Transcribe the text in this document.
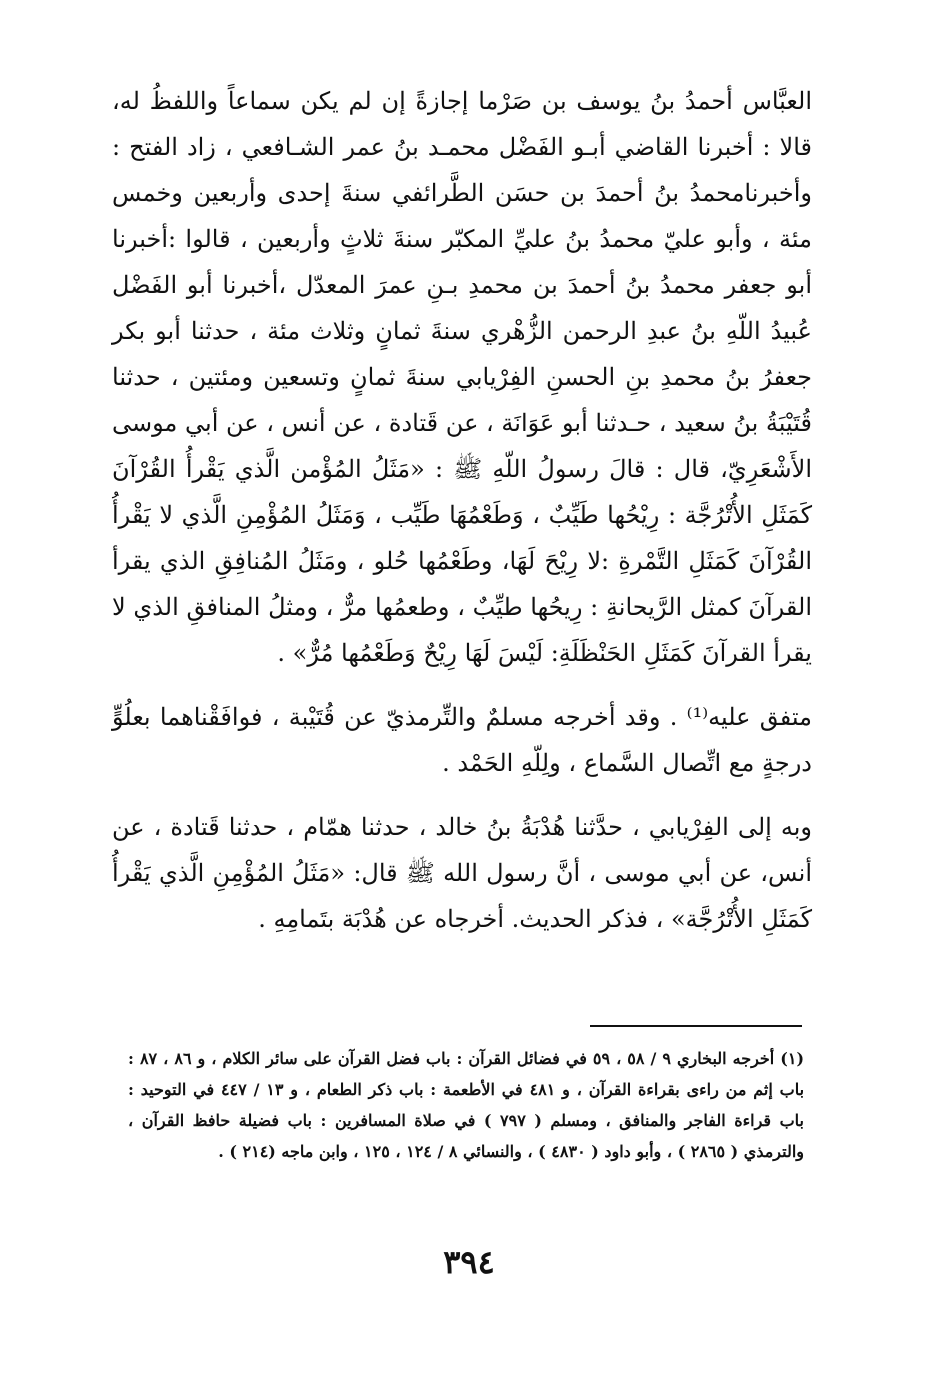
العبَّاس أحمدُ بنُ يوسف بن صَرْما إجازةً إن لم يكن سماعاً واللفظُ له، قالا : أخبرنا القاضي أبـو الفَضْل محمـد بنُ عمر الشـافعي ، زاد الفتح : وأخبرنامحمدُ بنُ أحمدَ بن حسَن الطَّرائفي سنةَ إحدى وأربعين وخمس مئة ، وأبو عليّ محمدُ بنُ عليِّ المكبّر سنةَ ثلاثٍ وأربعين ، قالوا :أخبرنا أبو جعفر محمدُ بنُ أحمدَ بن محمدِ بـنِ عمرَ المعدّل ،أخبرنا أبو الفَضْل عُبيدُ اللّهِ بنُ عبدِ الرحمن الزُّهْري سنةَ ثمانٍ وثلاث مئة ، حدثنا أبو بكر جعفرُ بنُ محمدِ بنِ الحسنِ الفِرْيابي سنةَ ثمانٍ وتسعين ومئتين ، حدثنا قُتَيْبَةُ بنُ سعيد ، حـدثنا أبو عَوَانَة ، عن قَتادة ، عن أنس ، عن أبي موسى الأَشْعَرِيّ، قال : قالَ رسولُ اللّهِ ﷺ : «مَثَلُ المُؤْمن الَّذي يَقْرأُ القُرْآنَ كَمَثَلِ الأُتْرُجَّة : رِيْحُها طَيِّبٌ ، وَطَعْمُهَا طَيِّب ، وَمَثَلُ المُؤْمِنِ الَّذي لا يَقْرأُ القُرْآنَ كَمَثَلِ التَّمْرةِ :لا رِيْحَ لَهَا، وطَعْمُها حُلو ، ومَثَلُ المُنافِقِ الذي يقرأ القرآنَ كمثل الرَّيحانةِ : رِيحُها طيِّبٌ ، وطعمُها مرٌّ ، ومثلُ المنافقِ الذي لا يقرأ القرآنَ كَمَثَلِ الحَنْظَلَةِ: لَيْسَ لَهَا رِيْحٌ وَطَعْمُها مُرٌّ» .

متفق عليه⁽¹⁾ . وقد أخرجه مسلمٌ والتِّرمذيّ عن قُتَيْبة ، فوافَقْناهما بعلُوٍّ درجةٍ مع اتِّصال السَّماع ، ولِلّهِ الحَمْد .

وبه إلى الفِرْيابي ، حدَّثنا هُدْبَةُ بنُ خالد ، حدثنا همّام ، حدثنا قَتادة ، عن أنس، عن أبي موسى ، أنَّ رسول الله ﷺ قال: «مَثَلُ المُؤْمِنِ الَّذي يَقْرأُ كَمَثَلِ الأُتْرُجَّة» ، فذكر الحديث. أخرجاه عن هُدْبَة بتَمامِهِ .

(١) أخرجه البخاري ٩ / ٥٨ ، ٥٩ في فضائل القرآن : باب فضل القرآن على سائر الكلام ، و ٨٦ ، ٨٧ : باب إثم من راءى بقراءة القرآن ، و ٤٨١ في الأطعمة : باب ذكر الطعام ، و ١٣ / ٤٤٧ في التوحيد : باب قراءة الفاجر والمنافق ، ومسلم ( ٧٩٧ ) في صلاة المسافرين : باب فضيلة حافظ القرآن ، والترمذي ( ٢٨٦٥ ) ، وأبو داود ( ٤٨٣٠ ) ، والنسائي ٨ / ١٢٤ ، ١٢٥ ، وابن ماجه (٢١٤ ) .
٣٩٤
